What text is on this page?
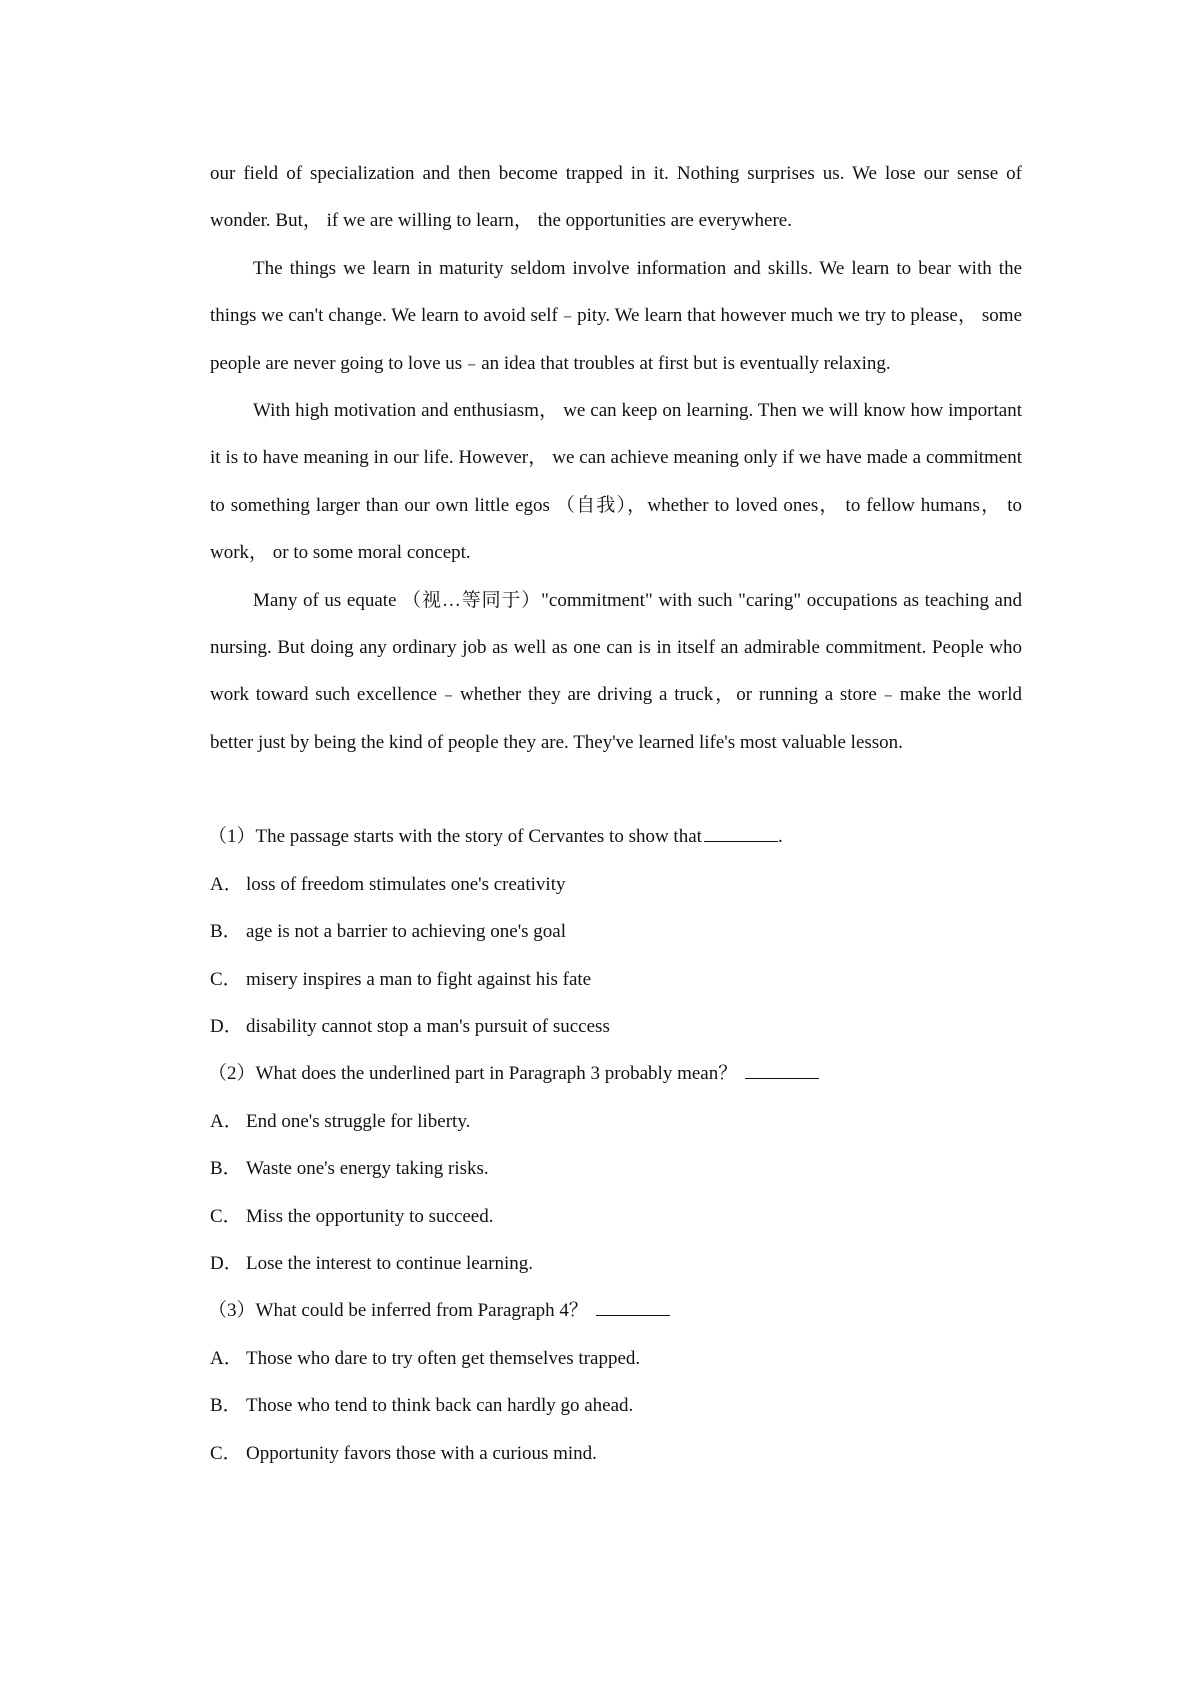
our field of specialization and then become trapped in it. Nothing surprises us. We lose our sense of wonder. But， if we are willing to learn， the opportunities are everywhere.

The things we learn in maturity seldom involve information and skills. We learn to bear with the things we can't change. We learn to avoid self﹣pity. We learn that however much we try to please， some people are never going to love us﹣an idea that troubles at first but is eventually relaxing.

With high motivation and enthusiasm， we can keep on learning. Then we will know how important it is to have meaning in our life. However， we can achieve meaning only if we have made a commitment to something larger than our own little egos （自我），whether to loved ones， to fellow humans， to work， or to some moral concept.

Many of us equate （视…等同于）"commitment" with such "caring" occupations as teaching and nursing. But doing any ordinary job as well as one can is in itself an admirable commitment. People who work toward such excellence﹣whether they are driving a truck，or running a store﹣make the world better just by being the kind of people they are. They've learned life's most valuable lesson.

（1）The passage starts with the story of Cervantes to show that	.

A． loss of freedom stimulates one's creativity

B． age is not a barrier to achieving one's goal

C． misery inspires a man to fight against his fate

D． disability cannot stop a man's pursuit of success

（2）What does the underlined part in Paragraph 3 probably mean？

A． End one's struggle for liberty.

B． Waste one's energy taking risks.

C． Miss the opportunity to succeed.

D． Lose the interest to continue learning.

（3）What could be inferred from Paragraph 4？

A． Those who dare to try often get themselves trapped.

B． Those who tend to think back can hardly go ahead.

C． Opportunity favors those with a curious mind.
